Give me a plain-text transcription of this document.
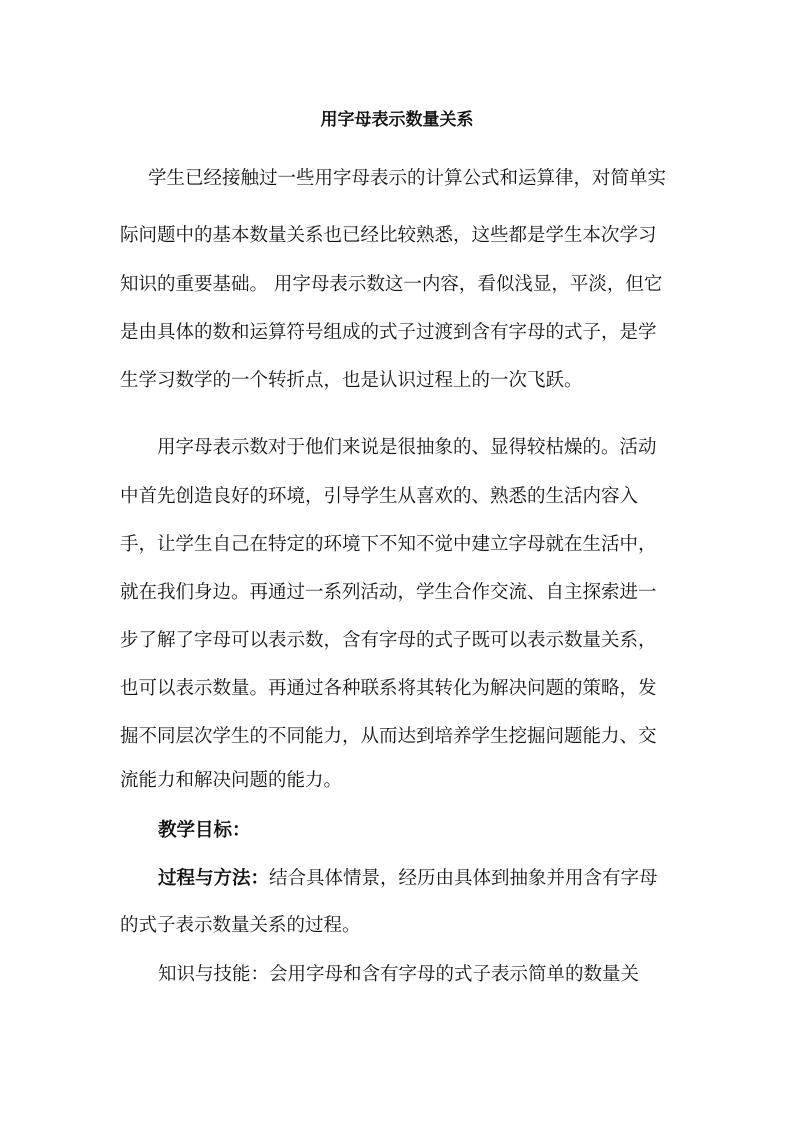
用字母表示数量关系
学生已经接触过一些用字母表示的计算公式和运算律，对简单实
际问题中的基本数量关系也已经比较熟悉，这些都是学生本次学习
知识的重要基础。 用字母表示数这一内容，看似浅显，平淡，但它
是由具体的数和运算符号组成的式子过渡到含有字母的式子，是学
生学习数学的一个转折点，也是认识过程上的一次飞跃。
用字母表示数对于他们来说是很抽象的、显得较枯燥的。活动
中首先创造良好的环境，引导学生从喜欢的、熟悉的生活内容入
手，让学生自己在特定的环境下不知不觉中建立字母就在生活中，
就在我们身边。再通过一系列活动，学生合作交流、自主探索进一
步了解了字母可以表示数，含有字母的式子既可以表示数量关系，
也可以表示数量。再通过各种联系将其转化为解决问题的策略，发
掘不同层次学生的不同能力，从而达到培养学生挖掘问题能力、交
流能力和解决问题的能力。
教学目标：
过程与方法：结合具体情景，经历由具体到抽象并用含有字母
的式子表示数量关系的过程。
知识与技能：会用字母和含有字母的式子表示简单的数量关
